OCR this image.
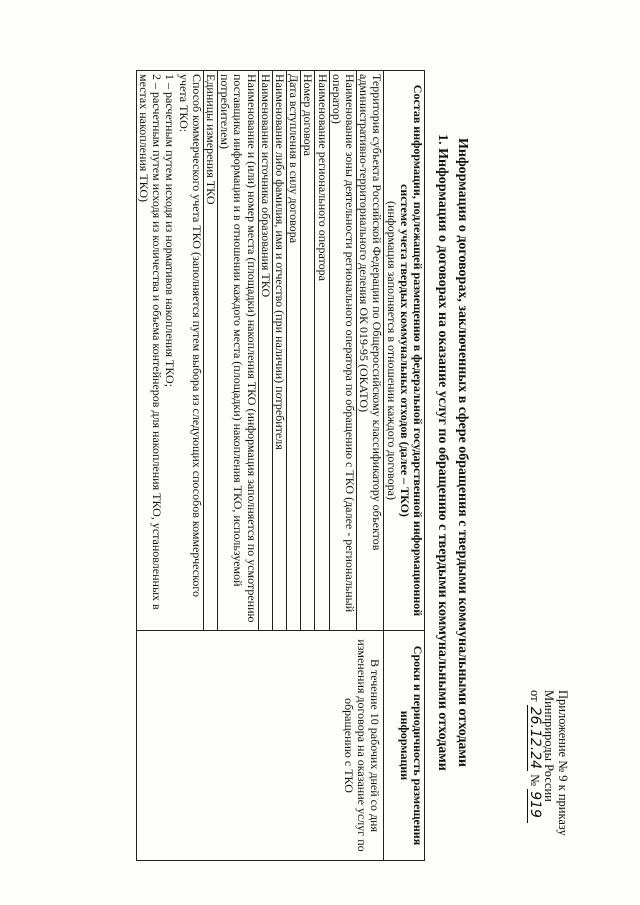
Приложение № 9 к приказу
Минприроды России
от 26.12.24 № 919
Информация о договорах, заключенных в сфере обращения с твердыми коммунальными отходами
1. Информация о договорах на оказание услуг по обращению с твердыми коммунальными отходами
Состав информации, подлежащей размещению в федеральной государственной информационной системе учета твердых коммунальных отходов (далее – ТКО)
(информация заполняется в отношении каждого договора)	Сроки и периодичность размещения информации
Территория субъекта Российской Федерации по Общероссийскому классификатору объектов административно-территориального деления ОК 019-95 (ОКАТО)	В течение 10 рабочих дней со дня изменения договора на оказание услуг по обращению с ТКО
Наименование зоны деятельности регионального оператора по обращению с ТКО (далее - региональный оператор)	
Наименование регионального оператора	
Номер договора	
Дата вступления в силу договора	
Наименование либо фамилия, имя и отчество (при наличии) потребителя	
Наименование источника образования ТКО	
Наименование и (или) номер места (площадки) накопления ТКО (информация заполняется по усмотрению поставщика информации и в отношении каждого места (площадки) накопления ТКО, используемой потребителем)	
Единицы измерения ТКО	
Способ коммерческого учета ТКО (заполняется путем выбора из следующих способов коммерческого учета ТКО:
1 – расчетным путем исходя из нормативов накопления ТКО;
2 – расчетным путем исходя из количества и объема контейнеров для накопления ТКО, установленных в местах накопления ТКО)	
